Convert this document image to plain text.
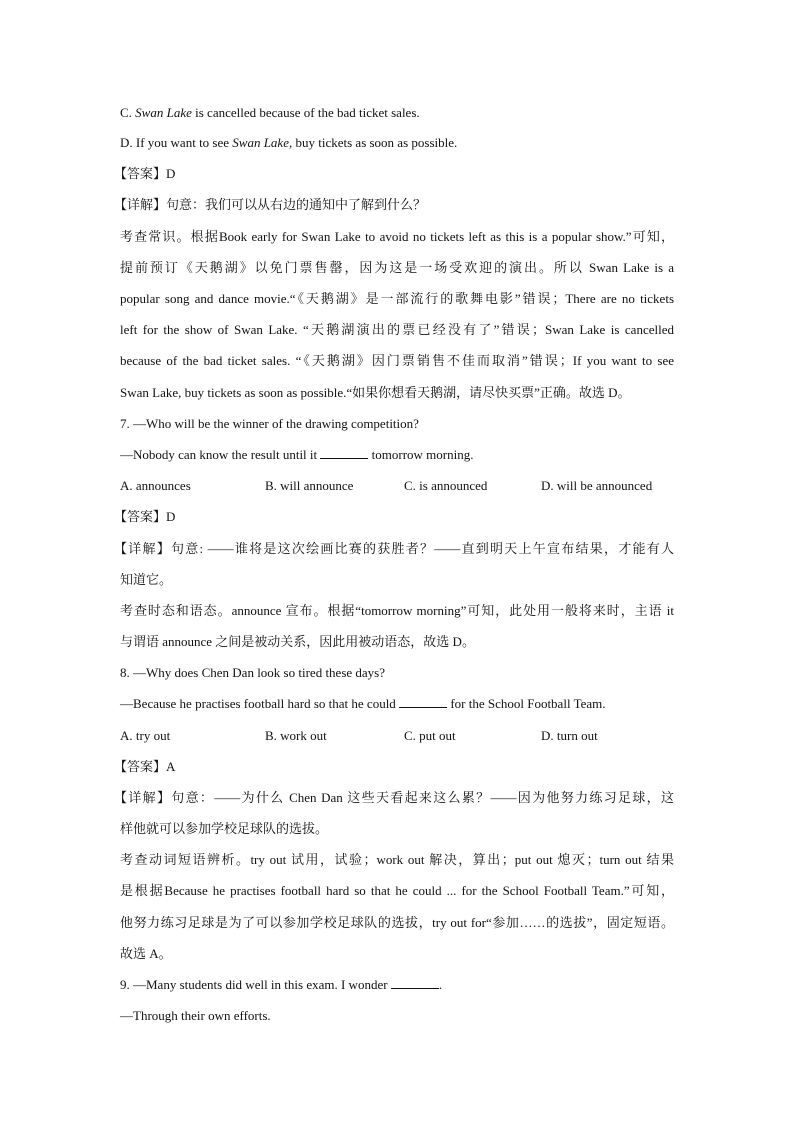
C. Swan Lake is cancelled because of the bad ticket sales.
D. If you want to see Swan Lake, buy tickets as soon as possible.
【答案】D
【详解】句意：我们可以从右边的通知中了解到什么？
考查常识。根据Book early for Swan Lake to avoid no tickets left as this is a popular show.”可知，
提前预订《天鹅湖》以免门票售罄，因为这是一场受欢迎的演出。所以 Swan Lake is a
popular song and dance movie.“《天鹅湖》是一部流行的歌舞电影”错误；There are no tickets
left for the show of Swan Lake. “天鹅湖演出的票已经没有了”错误；Swan Lake is cancelled
because of the bad ticket sales. “《天鹅湖》因门票销售不佳而取消”错误；If you want to see
Swan Lake, buy tickets as soon as possible.“如果你想看天鹅湖，请尽快买票”正确。故选 D。
7. —Who will be the winner of the drawing competition?
—Nobody can know the result until it	tomorrow morning.
A. announces	B. will announce	C. is announced	D. will be announced
【答案】D
【详解】句意: ——谁将是这次绘画比赛的获胜者？——直到明天上午宣布结果，才能有人
知道它。
考查时态和语态。announce 宣布。根据“tomorrow morning”可知，此处用一般将来时，主语 it
与谓语 announce 之间是被动关系，因此用被动语态，故选 D。
8. —Why does Chen Dan look so tired these days?
—Because he practises football hard so that he could	for the School Football Team.
A. try out	B. work out	C. put out	D. turn out
【答案】A
【详解】句意：——为什么 Chen Dan 这些天看起来这么累？——因为他努力练习足球，这
样他就可以参加学校足球队的选拔。
考查动词短语辨析。try out 试用，试验；work out 解决，算出；put out 熄灭；turn out 结果
是根据Because he practises football hard so that he could ... for the School Football Team.”可知，
他努力练习足球是为了可以参加学校足球队的选拔，try out for“参加……的选拔”，固定短语。
故选 A。
9. —Many students did well in this exam. I wonder	.
—Through their own efforts.
